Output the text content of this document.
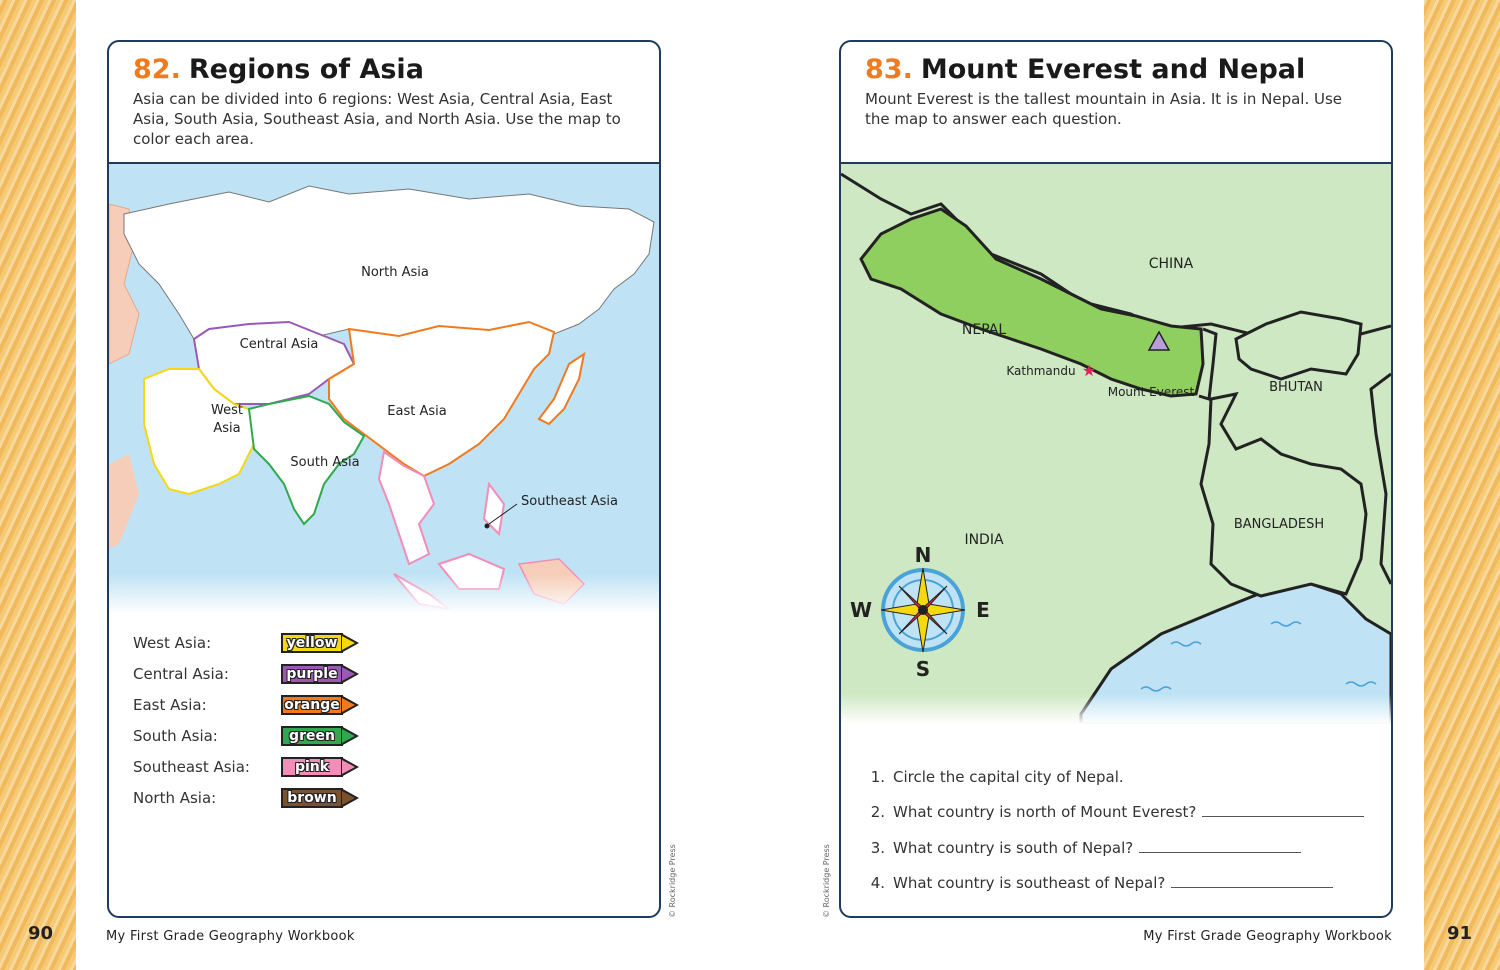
82. Regions of Asia
Asia can be divided into 6 regions: West Asia, Central Asia, East Asia, South Asia, Southeast Asia, and North Asia. Use the map to color each area.
North Asia
Central Asia
West
Asia
East Asia
South Asia
Southeast Asia
West Asia:	yellow
Central Asia:	purple
East Asia:	orange
South Asia:	green
Southeast Asia:	pink
North Asia:	brown
© Rockridge Press
83. Mount Everest and Nepal
Mount Everest is the tallest mountain in Asia. It is in Nepal. Use the map to answer each question.
N
S
E
W
★
CHINA
NEPAL
Kathmandu
Mount Everest	BHUTAN
INDIA
BANGLADESH
1. Circle the capital city of Nepal.
2. What country is north of Mount Everest?
3. What country is south of Nepal?
4. What country is southeast of Nepal?
© Rockridge Press
90	My First Grade Geography Workbook	My First Grade Geography Workbook	91
